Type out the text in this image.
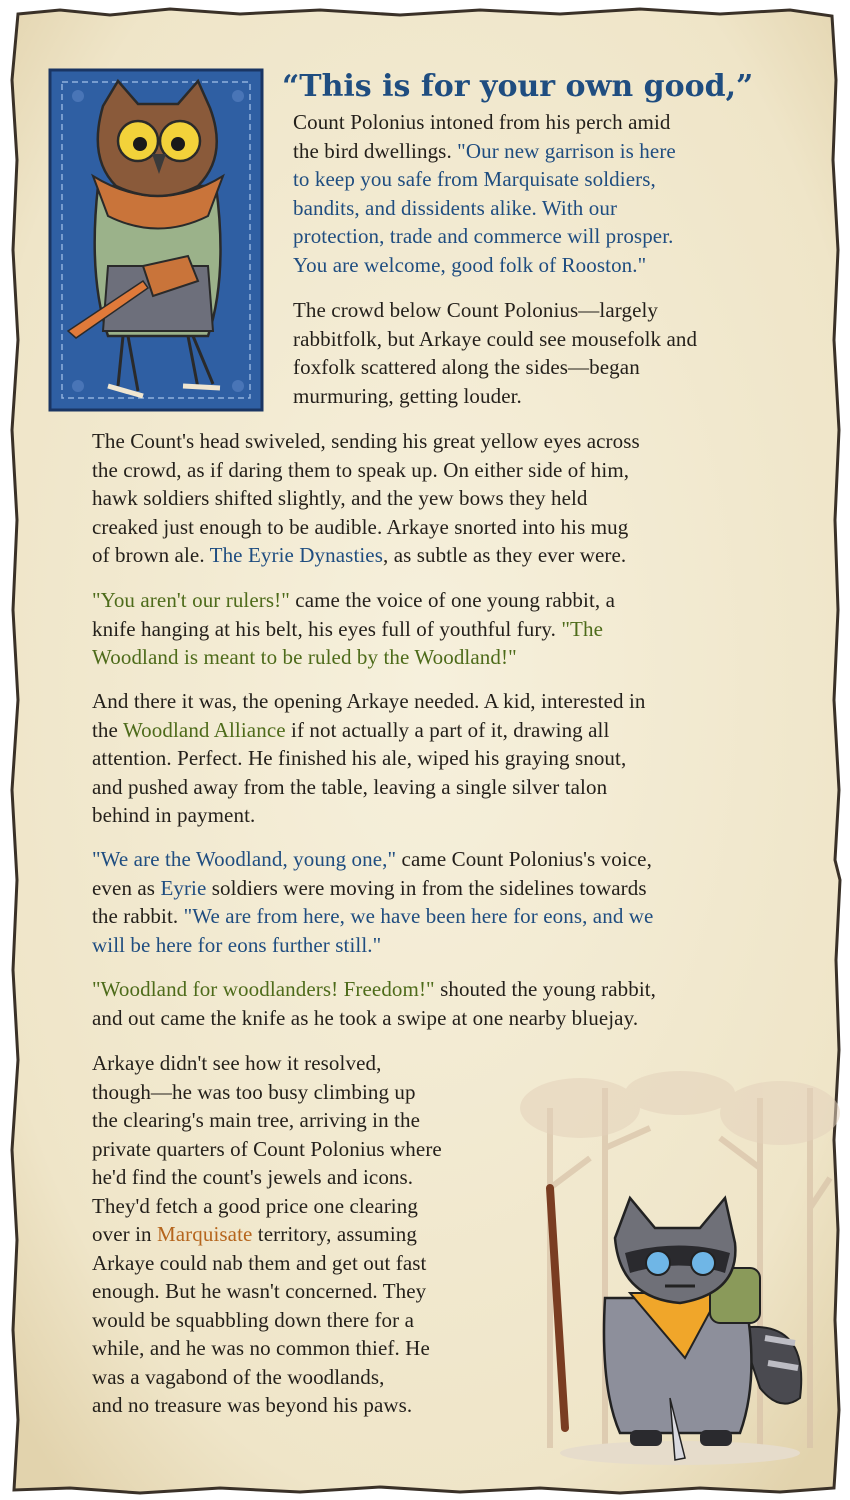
“This is for your own good,”

Count Polonius intoned from his perch amid
the bird dwellings. "Our new garrison is here
to keep you safe from Marquisate soldiers,
bandits, and dissidents alike. With our
protection, trade and commerce will prosper.
You are welcome, good folk of Rooston."
The crowd below Count Polonius—largely
rabbitfolk, but Arkaye could see mousefolk and
foxfolk scattered along the sides—began
murmuring, getting louder.
The Count's head swiveled, sending his great yellow eyes across
the crowd, as if daring them to speak up. On either side of him,
hawk soldiers shifted slightly, and the yew bows they held
creaked just enough to be audible. Arkaye snorted into his mug
of brown ale. The Eyrie Dynasties, as subtle as they ever were.
"You aren't our rulers!" came the voice of one young rabbit, a
knife hanging at his belt, his eyes full of youthful fury. "The
Woodland is meant to be ruled by the Woodland!"
And there it was, the opening Arkaye needed. A kid, interested in
the Woodland Alliance if not actually a part of it, drawing all
attention. Perfect. He finished his ale, wiped his graying snout,
and pushed away from the table, leaving a single silver talon
behind in payment.
"We are the Woodland, young one," came Count Polonius's voice,
even as Eyrie soldiers were moving in from the sidelines towards
the rabbit. "We are from here, we have been here for eons, and we
will be here for eons further still."
"Woodland for woodlanders! Freedom!" shouted the young rabbit,
and out came the knife as he took a swipe at one nearby bluejay.
Arkaye didn't see how it resolved,
though—he was too busy climbing up
the clearing's main tree, arriving in the
private quarters of Count Polonius where
he'd find the count's jewels and icons.
They'd fetch a good price one clearing
over in Marquisate territory, assuming
Arkaye could nab them and get out fast
enough. But he wasn't concerned. They
would be squabbling down there for a
while, and he was no common thief. He
was a vagabond of the woodlands,
and no treasure was beyond his paws.
